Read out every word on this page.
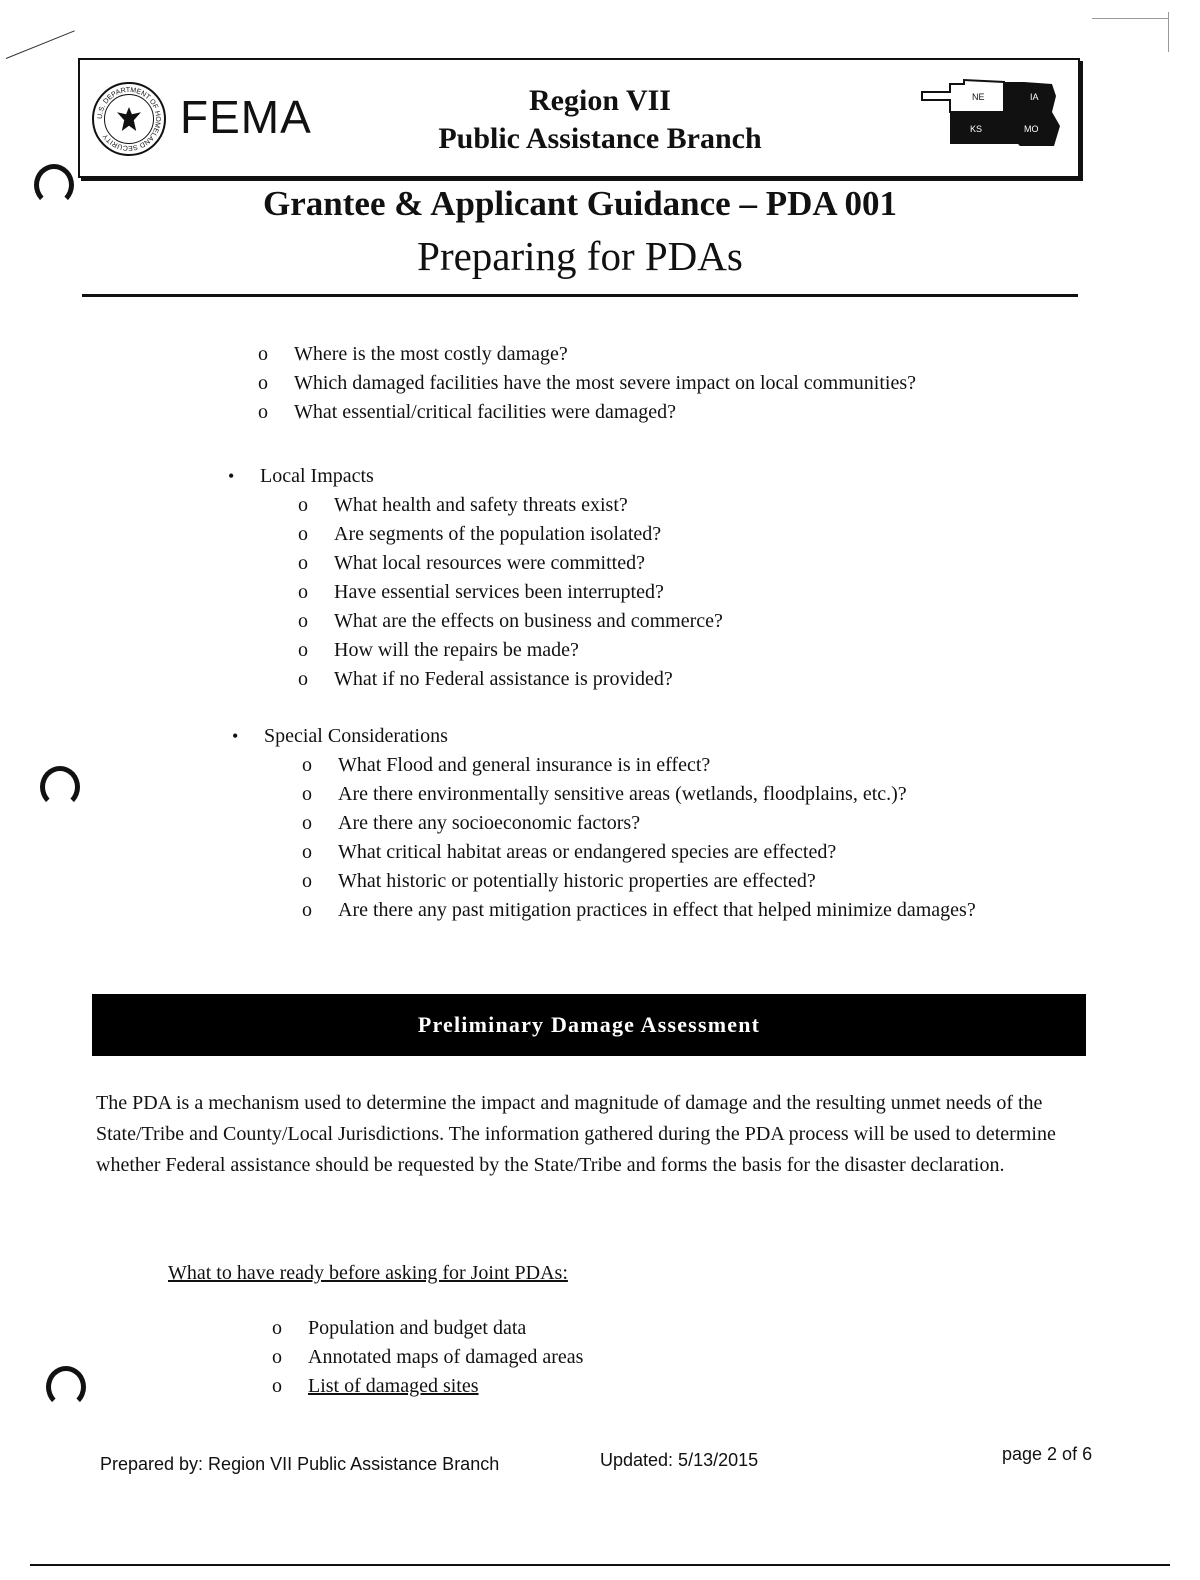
U.S. DEPARTMENT OF HOMELAND SECURITY	FEMA	Region VII
Public Assistance Branch
NE	IA
KS	MO
Grantee & Applicant Guidance – PDA 001
Preparing for PDAs
o Where is the most costly damage?
o Which damaged facilities have the most severe impact on local communities?
o What essential/critical facilities were damaged?
• Local Impacts
o What health and safety threats exist?
o Are segments of the population isolated?
o What local resources were committed?
o Have essential services been interrupted?
o What are the effects on business and commerce?
o How will the repairs be made?
o What if no Federal assistance is provided?
• Special Considerations
o What Flood and general insurance is in effect?
o Are there environmentally sensitive areas (wetlands, floodplains, etc.)?
o Are there any socioeconomic factors?
o What critical habitat areas or endangered species are effected?
o What historic or potentially historic properties are effected?
o Are there any past mitigation practices in effect that helped minimize damages?
Preliminary Damage Assessment
The PDA is a mechanism used to determine the impact and magnitude of damage and the resulting unmet needs of the State/Tribe and County/Local Jurisdictions. The information gathered during the PDA process will be used to determine whether Federal assistance should be requested by the State/Tribe and forms the basis for the disaster declaration.
What to have ready before asking for Joint PDAs:
o Population and budget data
o Annotated maps of damaged areas
o List of damaged sites
Prepared by: Region VII Public Assistance Branch	Updated: 5/13/2015	page 2 of 6
